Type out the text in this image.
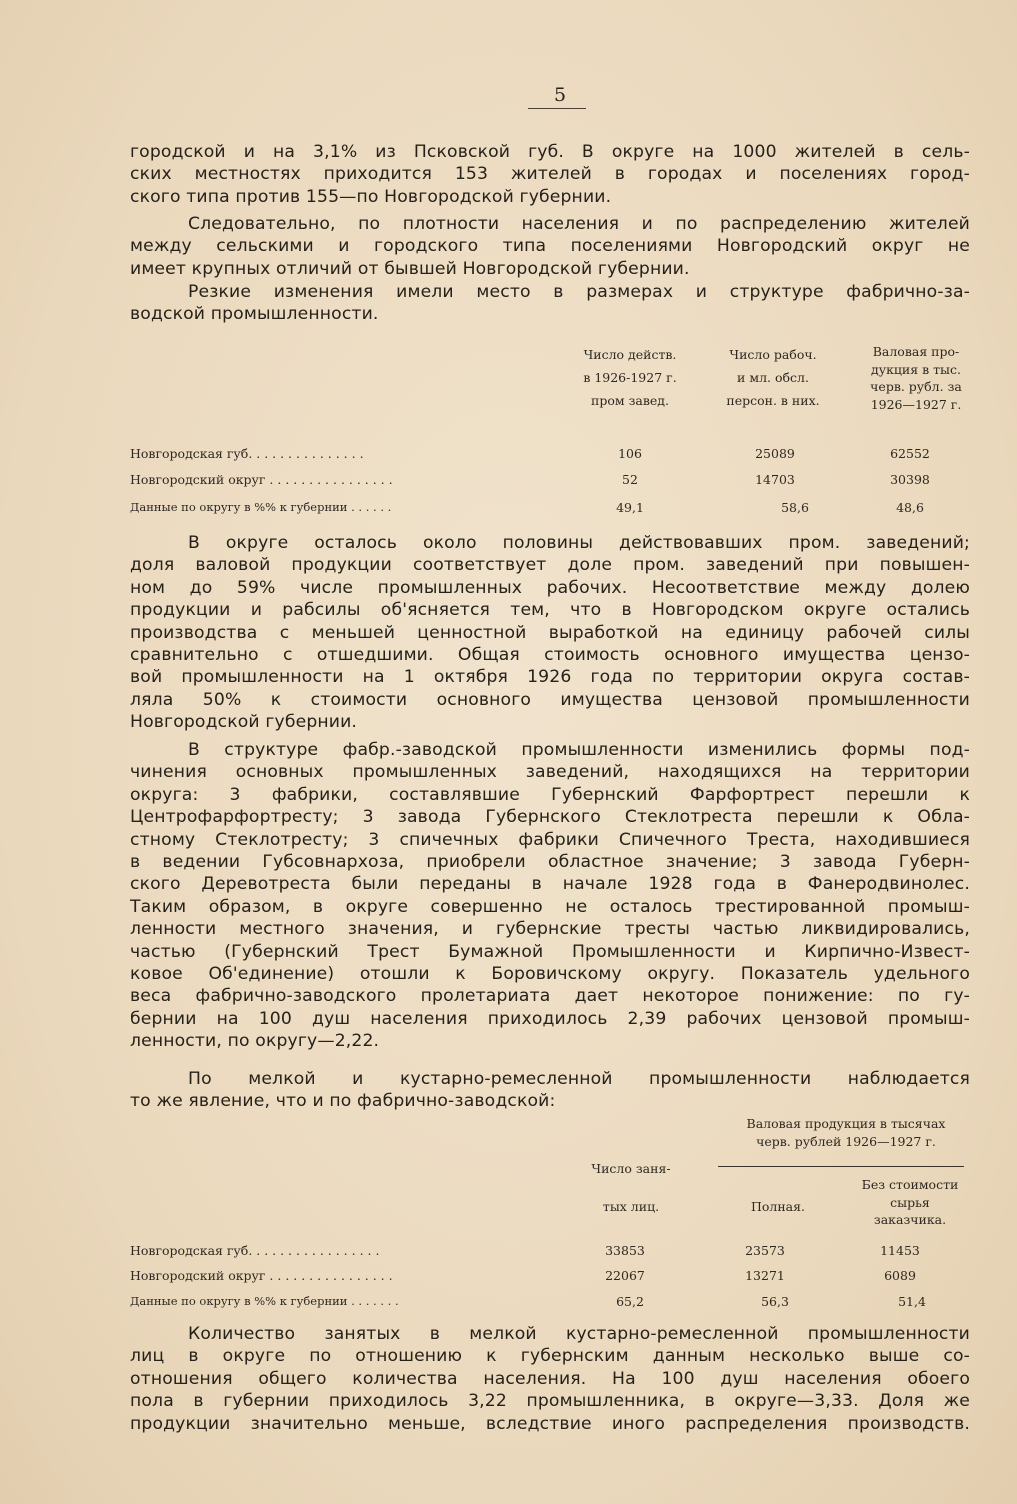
5
городской и на 3,1% из Псковской губ. В округе на 1000 жителей в сель-
ских местностях приходится 153 жителей в городах и поселениях город-
ского типа против 155—по Новгородской губернии.
Следовательно, по плотности населения и по распределению жителей
между сельскими и городского типа поселениями Новгородский округ не
имеет крупных отличий от бывшей Новгородской губернии.
Резкие изменения имели место в размерах и структуре фабрично-за-
водской промышленности.
Число действ.
в 1926-1927 г.
пром завед.
Число рабоч.
и мл. обсл.
персон. в них.
Валовая про-
дукция в тыс.
черв. рубл. за
1926—1927 г.
Новгородская губ. . . . . . . . . . . . . . .	106	25089	62552
Новгородский округ . . . . . . . . . . . . . . . .	52	14703	30398
Данные по округу в %% к губернии . . . . . .	49,1	58,6	48,6
В округе осталось около половины действовавших пром. заведений;
доля валовой продукции соответствует доле пром. заведений при повышен-
ном до 59% числе промышленных рабочих. Несоответствие между долею
продукции и рабсилы об'ясняется тем, что в Новгородском округе остались
производства с меньшей ценностной выработкой на единицу рабочей силы
сравнительно с отшедшими. Общая стоимость основного имущества цензо-
вой промышленности на 1 октября 1926 года по территории округа состав-
ляла 50% к стоимости основного имущества цензовой промышленности
Новгородской губернии.
В структуре фабр.-заводской промышленности изменились формы под-
чинения основных промышленных заведений, находящихся на территории
округа: 3 фабрики, составлявшие Губернский Фарфортрест перешли к
Центрофарфортресту; 3 завода Губернского Стеклотреста перешли к Обла-
стному Стеклотресту; 3 спичечных фабрики Спичечного Треста, находившиеся
в ведении Губсовнархоза, приобрели областное значение; 3 завода Губерн-
ского Деревотреста были переданы в начале 1928 года в Фанеродвинолес.
Таким образом, в округе совершенно не осталось трестированной промыш-
ленности местного значения, и губернские тресты частью ликвидировались,
частью (Губернский Трест Бумажной Промышленности и Кирпично-Извест-
ковое Об'единение) отошли к Боровичскому округу. Показатель удельного
веса фабрично-заводского пролетариата дает некоторое понижение: по гу-
бернии на 100 душ населения приходилось 2,39 рабочих цензовой промыш-
ленности, по округу—2,22.
По мелкой и кустарно-ремесленной промышленности наблюдается
то же явление, что и по фабрично-заводской:
Число заня-
тых лиц.
Валовая продукция в тысячах
черв. рублей 1926—1927 г.
Полная.
Без стоимости
сырья
заказчика.
Новгородская губ. . . . . . . . . . . . . . . . .	33853	23573	11453
Новгородский округ . . . . . . . . . . . . . . . .	22067	13271	6089
Данные по округу в %% к губернии . . . . . . .	65,2	56,3	51,4
Количество занятых в мелкой кустарно-ремесленной промышленности
лиц в округе по отношению к губернским данным несколько выше со-
отношения общего количества населения. На 100 душ населения обоего
пола в губернии приходилось 3,22 промышленника, в округе—3,33. Доля же
продукции значительно меньше, вследствие иного распределения производств.
